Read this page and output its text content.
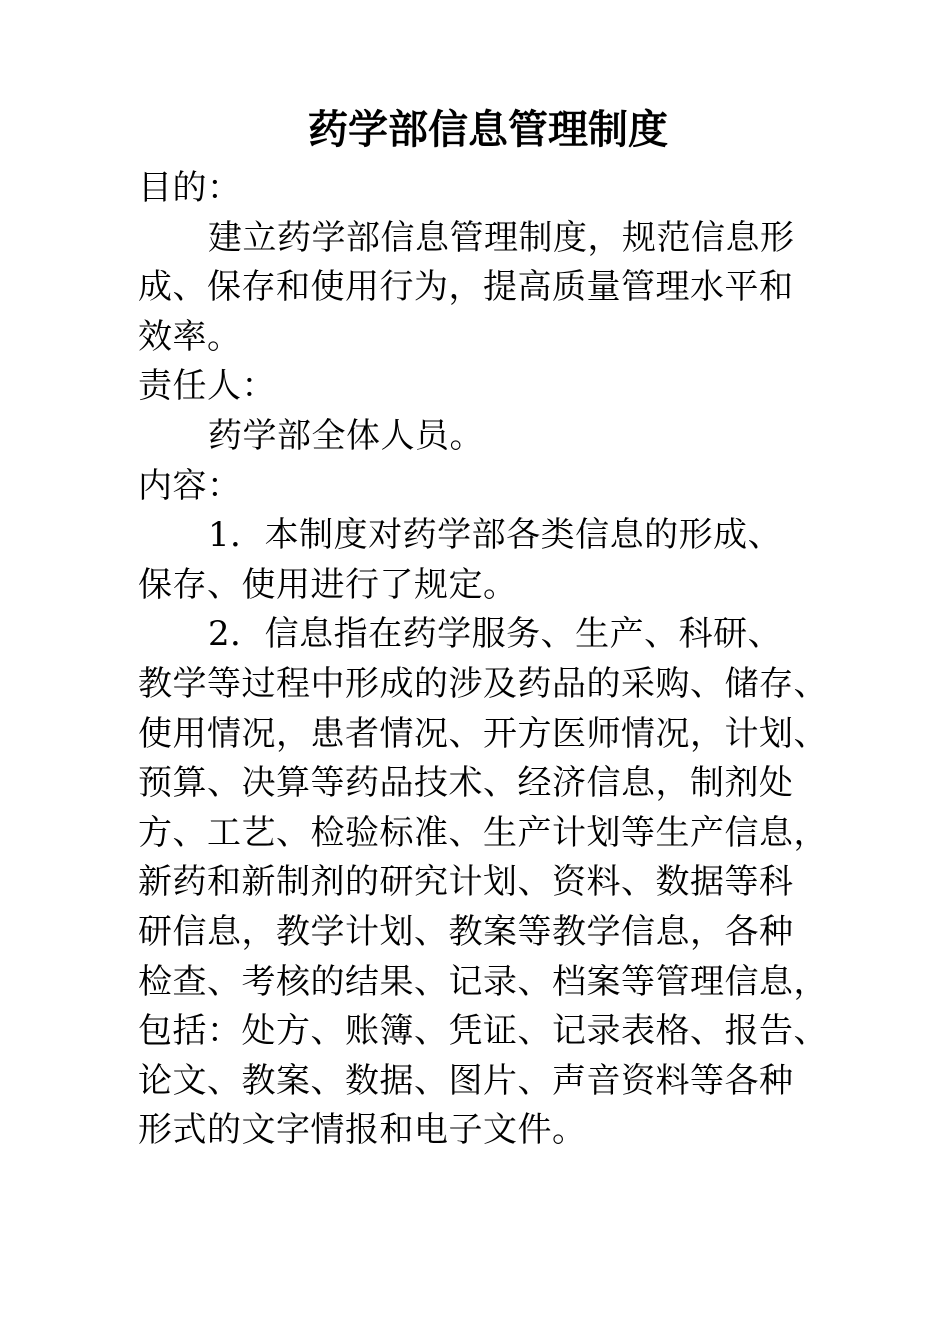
药学部信息管理制度

目的：

建立药学部信息管理制度，规范信息形
成、保存和使用行为，提高质量管理水平和
效率。

责任人：

药学部全体人员。

内容：

1．本制度对药学部各类信息的形成、
保存、使用进行了规定。

2．信息指在药学服务、生产、科研、
教学等过程中形成的涉及药品的采购、储存、
使用情况，患者情况、开方医师情况，计划、
预算、决算等药品技术、经济信息，制剂处
方、工艺、检验标准、生产计划等生产信息，
新药和新制剂的研究计划、资料、数据等科
研信息，教学计划、教案等教学信息，各种
检查、考核的结果、记录、档案等管理信息，
包括：处方、账簿、凭证、记录表格、报告、
论文、教案、数据、图片、声音资料等各种
形式的文字情报和电子文件。
